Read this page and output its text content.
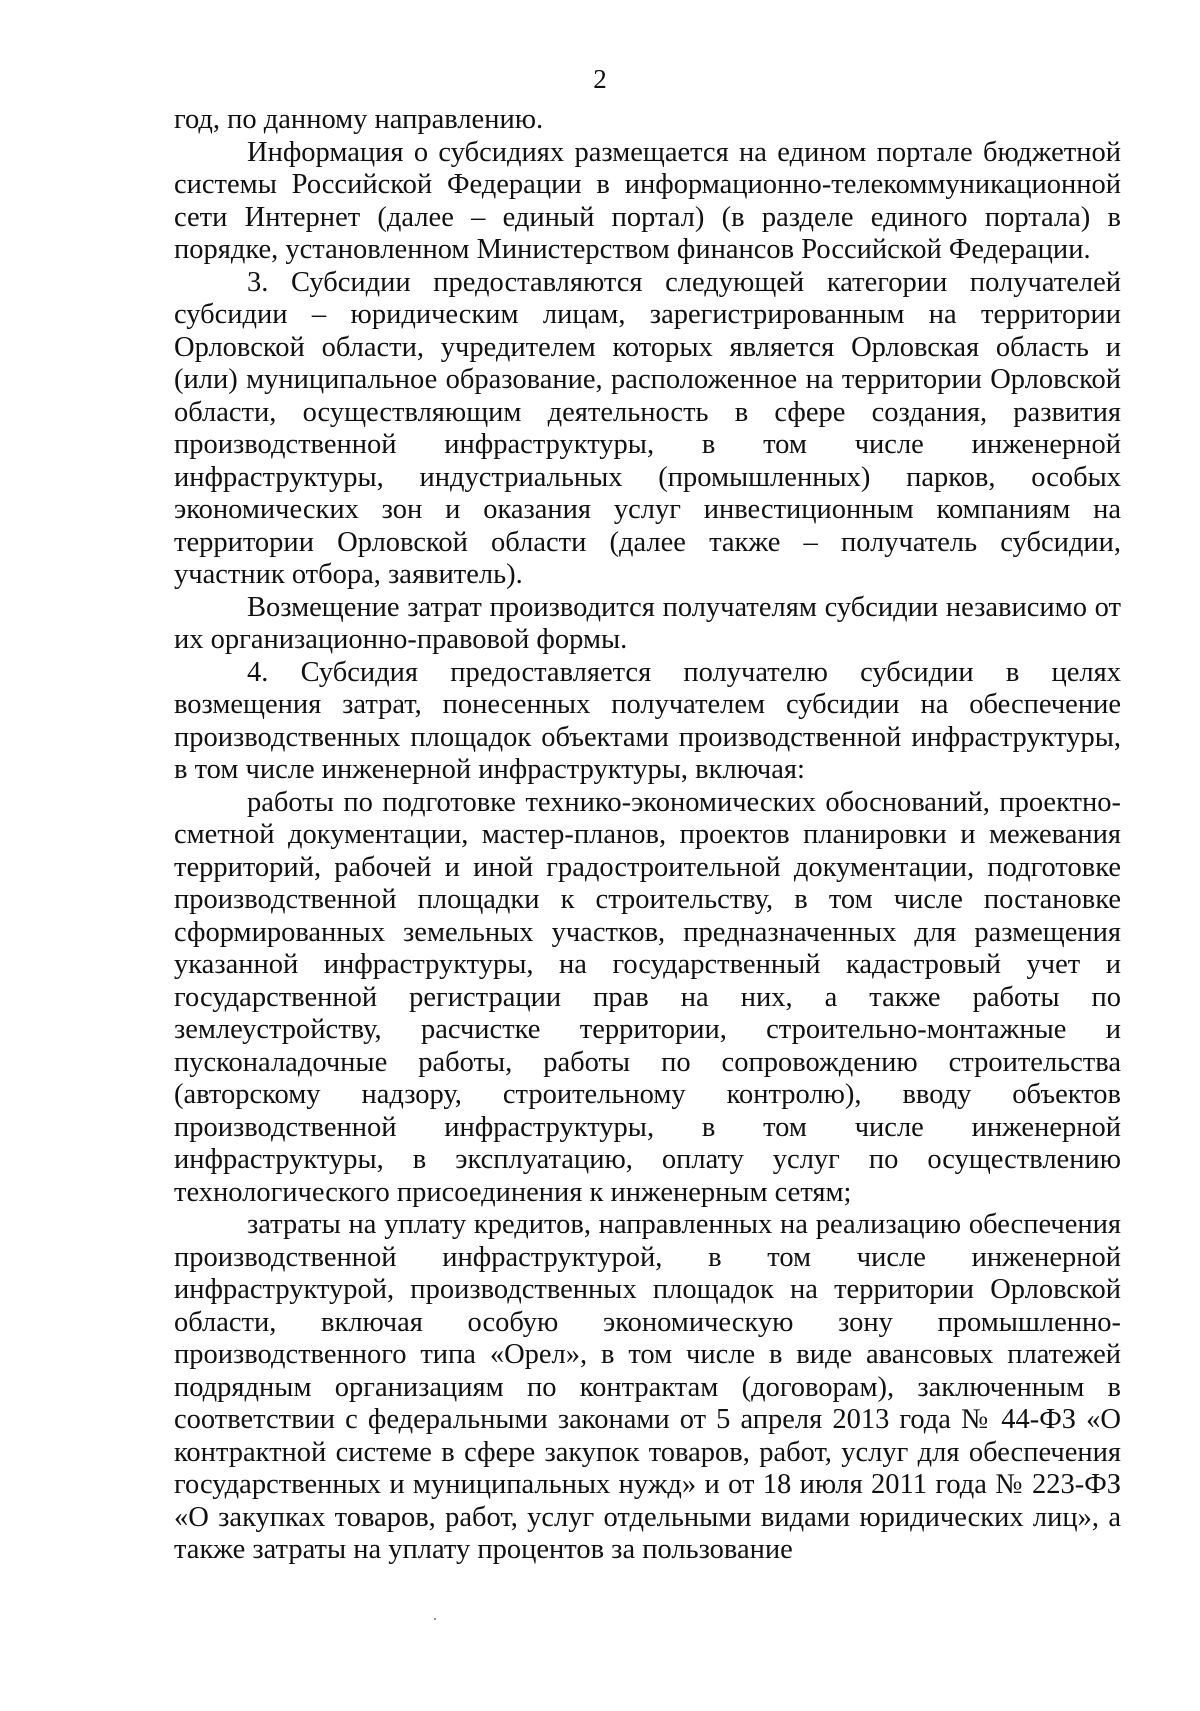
2

год, по данному направлению.

Информация о субсидиях размещается на едином портале бюджетной системы Российской Федерации в информационно-телекоммуникационной сети Интернет (далее – единый портал) (в разделе единого портала) в порядке, установленном Министерством финансов Российской Федерации.

3. Субсидии предоставляются следующей категории получателей субсидии – юридическим лицам, зарегистрированным на территории Орловской области, учредителем которых является Орловская область и (или) муниципальное образование, расположенное на территории Орловской области, осуществляющим деятельность в сфере создания, развития производственной инфраструктуры, в том числе инженерной инфраструктуры, индустриальных (промышленных) парков, особых экономических зон и оказания услуг инвестиционным компаниям на территории Орловской области (далее также – получатель субсидии, участник отбора, заявитель).

Возмещение затрат производится получателям субсидии независимо от их организационно-правовой формы.

4. Субсидия предоставляется получателю субсидии в целях возмещения затрат, понесенных получателем субсидии на обеспечение производственных площадок объектами производственной инфраструктуры, в том числе инженерной инфраструктуры, включая:

работы по подготовке технико-экономических обоснований, проектно-сметной документации, мастер-планов, проектов планировки и межевания территорий, рабочей и иной градостроительной документации, подготовке производственной площадки к строительству, в том числе постановке сформированных земельных участков, предназначенных для размещения указанной инфраструктуры, на государственный кадастровый учет и государственной регистрации прав на них, а также работы по землеустройству, расчистке территории, строительно-монтажные и пусконаладочные работы, работы по сопровождению строительства (авторскому надзору, строительному контролю), вводу объектов производственной инфраструктуры, в том числе инженерной инфраструктуры, в эксплуатацию, оплату услуг по осуществлению технологического присоединения к инженерным сетям;

затраты на уплату кредитов, направленных на реализацию обеспечения производственной инфраструктурой, в том числе инженерной инфраструктурой, производственных площадок на территории Орловской области, включая особую экономическую зону промышленно-производственного типа «Орел», в том числе в виде авансовых платежей подрядным организациям по контрактам (договорам), заключенным в соответствии с федеральными законами от 5 апреля 2013 года № 44-ФЗ «О контрактной системе в сфере закупок товаров, работ, услуг для обеспечения государственных и муниципальных нужд» и от 18 июля 2011 года № 223-ФЗ «О закупках товаров, работ, услуг отдельными видами юридических лиц», а также затраты на уплату процентов за пользование
